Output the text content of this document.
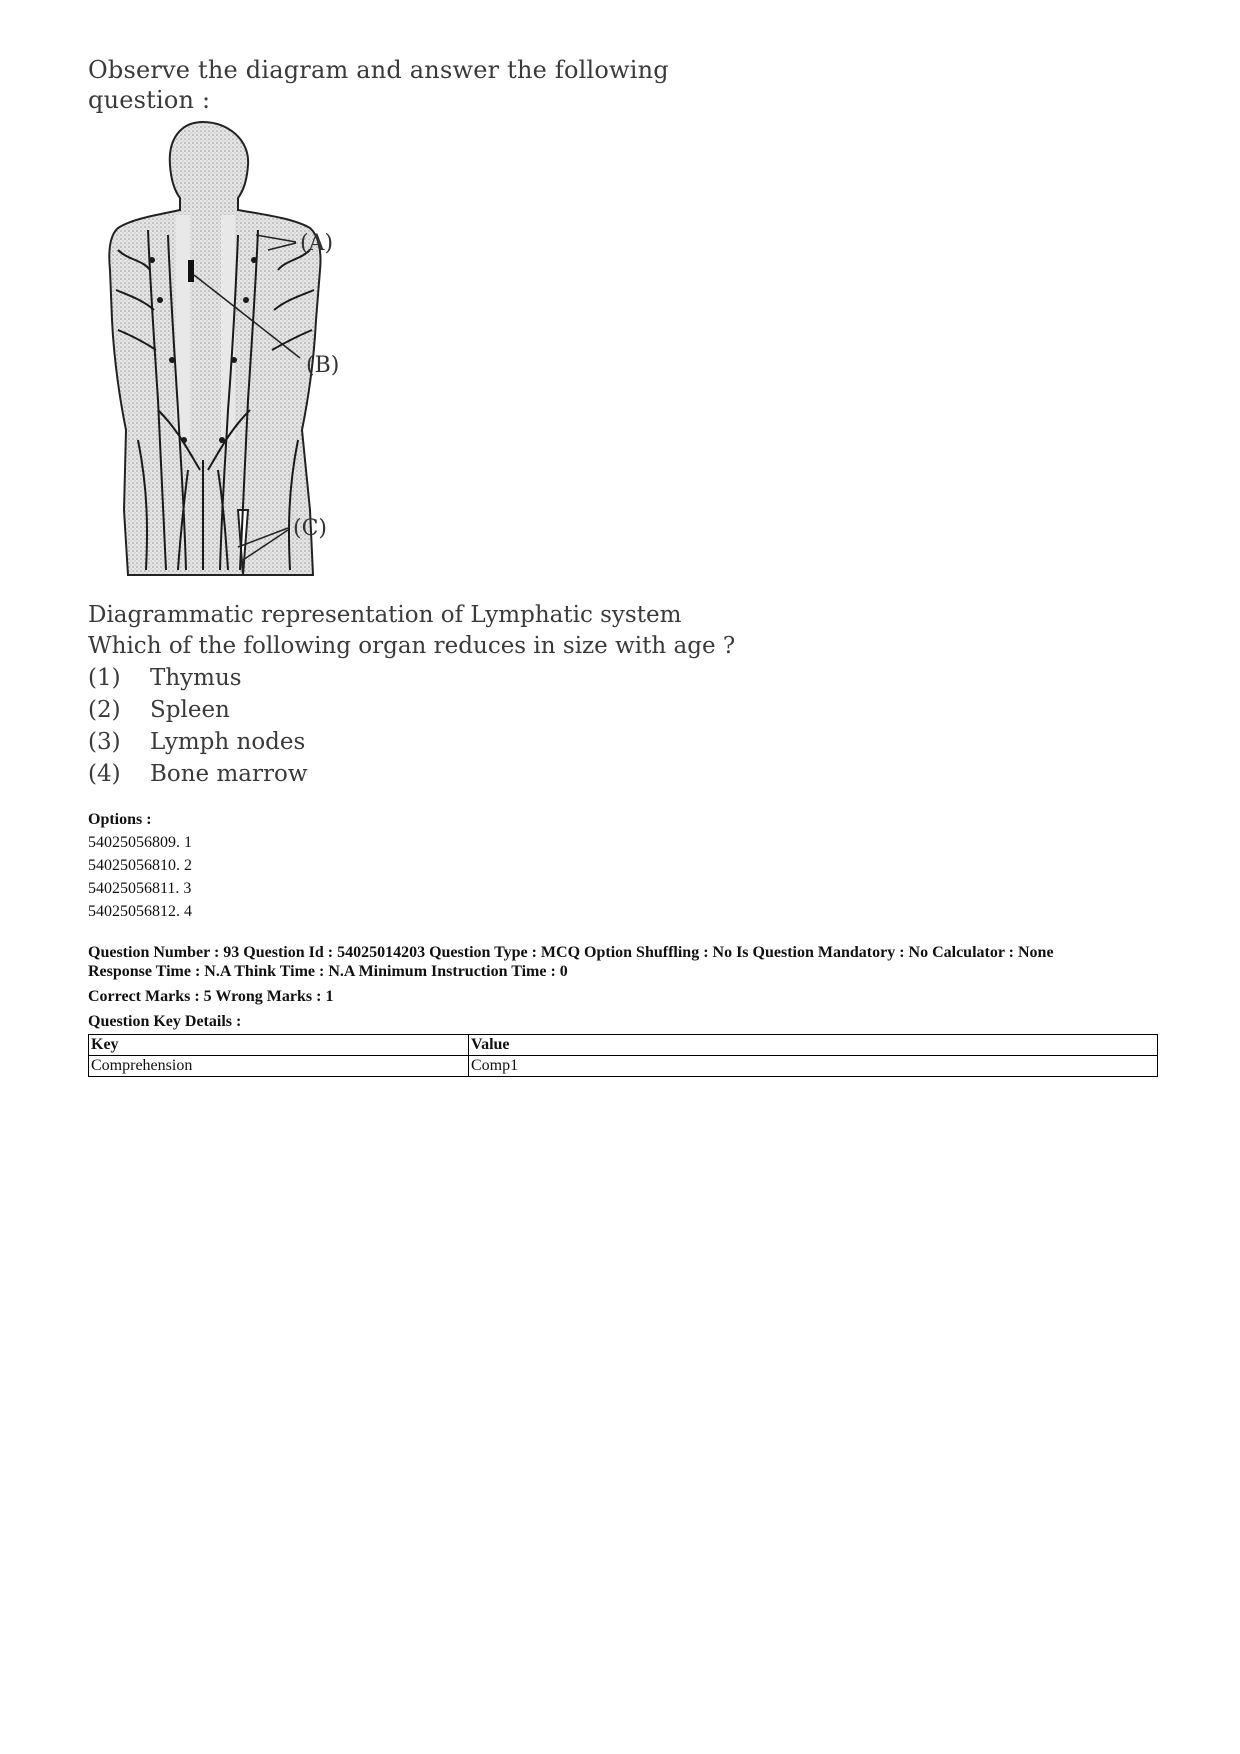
Observe the diagram and answer the following question :

(A)
(B)
(C)

Diagrammatic representation of Lymphatic system

Which of the following organ reduces in size with age ?

(1)	Thymus
(2)	Spleen
(3)	Lymph nodes
(4)	Bone marrow
Options :
54025056809. 1
54025056810. 2
54025056811. 3
54025056812. 4
Question Number : 93 Question Id : 54025014203 Question Type : MCQ Option Shuffling : No Is Question Mandatory : No Calculator : None
Response Time : N.A Think Time : N.A Minimum Instruction Time : 0
Correct Marks : 5 Wrong Marks : 1
Question Key Details :
Key	Value
Comprehension	Comp1
